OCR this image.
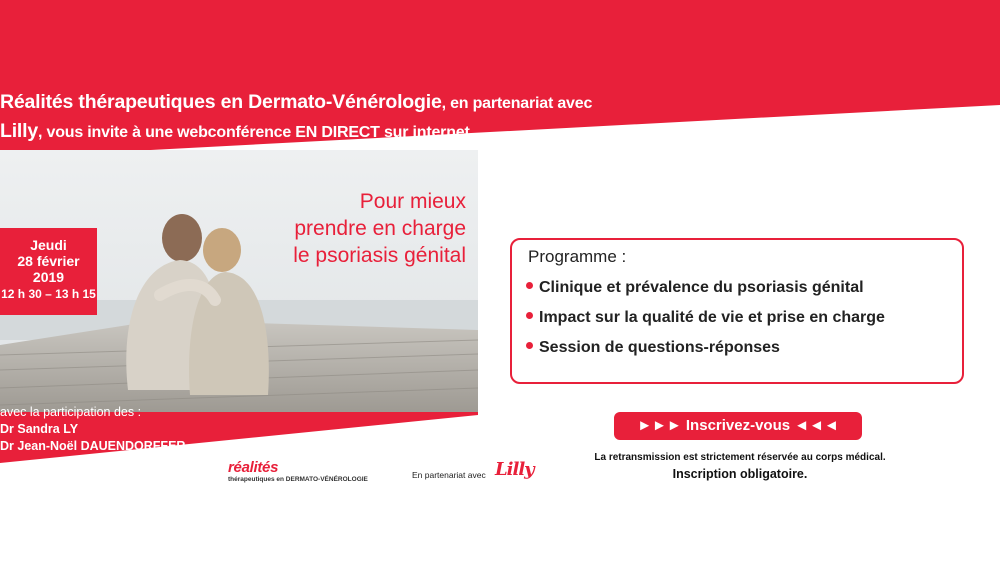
Réalités thérapeutiques en Dermato-Vénérologie, en partenariat avec
Lilly, vous invite à une webconférence EN DIRECT sur internet
Jeudi
28 février
2019
12 h 30 – 13 h 15
Pour mieux
prendre en charge
le psoriasis génital
avec la participation des :
Dr Sandra LY
Dr Jean-Noël DAUENDORFFER
Programme :
Clinique et prévalence du psoriasis génital
Impact sur la qualité de vie et prise en charge
Session de questions-réponses
►►► Inscrivez-vous ◄◄◄
La retransmission est strictement réservée au corps médical.
Inscription obligatoire.
réalités
thérapeutiques en DERMATO-VÉNÉROLOGIE	En partenariat avec Lilly
